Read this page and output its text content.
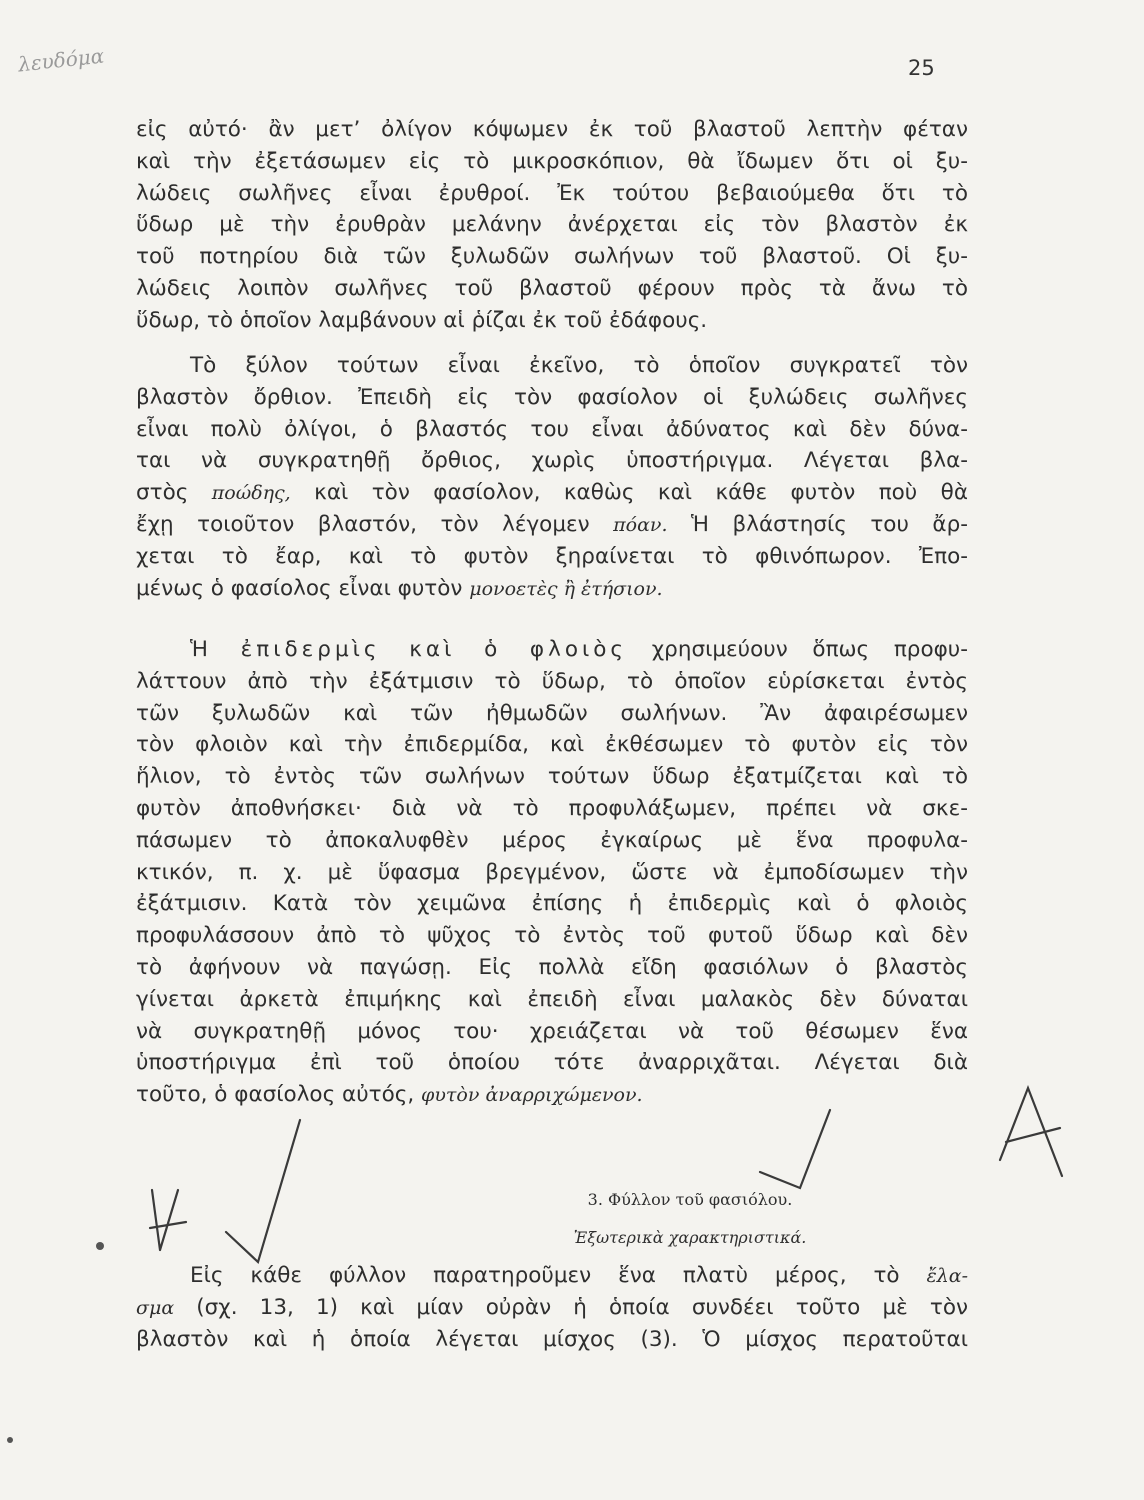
λευδόμα	25
εἰς αὐτό· ἂν μετ’ ὀλίγον κόψωμεν ἐκ τοῦ βλαστοῦ λεπτὴν φέταν
καὶ τὴν ἐξετάσωμεν εἰς τὸ μικροσκόπιον, θὰ ἴδωμεν ὅτι οἱ ξυ-
λώδεις σωλῆνες εἶναι ἐρυθροί. Ἐκ τούτου βεβαιούμεθα ὅτι τὸ
ὕδωρ μὲ τὴν ἐρυθρὰν μελάνην ἀνέρχεται εἰς τὸν βλαστὸν ἐκ
τοῦ ποτηρίου διὰ τῶν ξυλωδῶν σωλήνων τοῦ βλαστοῦ. Οἱ ξυ-
λώδεις λοιπὸν σωλῆνες τοῦ βλαστοῦ φέρουν πρὸς τὰ ἄνω τὸ
ὕδωρ, τὸ ὁποῖον λαμβάνουν αἱ ῥίζαι ἐκ τοῦ ἐδάφους.
Τὸ ξύλον τούτων εἶναι ἐκεῖνο, τὸ ὁποῖον συγκρατεῖ τὸν
βλαστὸν ὄρθιον. Ἐπειδὴ εἰς τὸν φασίολον οἱ ξυλώδεις σωλῆνες
εἶναι πολὺ ὀλίγοι, ὁ βλαστός του εἶναι ἀδύνατος καὶ δὲν δύνα-
ται νὰ συγκρατηθῇ ὄρθιος, χωρὶς ὑποστήριγμα. Λέγεται βλα-
στὸς ποώδης, καὶ τὸν φασίολον, καθὼς καὶ κάθε φυτὸν ποὺ θὰ
ἔχῃ τοιοῦτον βλαστόν, τὸν λέγομεν πόαν. Ἡ βλάστησίς του ἄρ-
χεται τὸ ἔαρ, καὶ τὸ φυτὸν ξηραίνεται τὸ φθινόπωρον. Ἐπο-
μένως ὁ φασίολος εἶναι φυτὸν μονοετὲς ἢ ἐτήσιον.
Ἡ ἐπιδερμὶς καὶ ὁ φλοιὸς χρησιμεύουν ὅπως προφυ-
λάττουν ἀπὸ τὴν ἐξάτμισιν τὸ ὕδωρ, τὸ ὁποῖον εὑρίσκεται ἐντὸς
τῶν ξυλωδῶν καὶ τῶν ἠθμωδῶν σωλήνων. Ἂν ἀφαιρέσωμεν
τὸν φλοιὸν καὶ τὴν ἐπιδερμίδα, καὶ ἐκθέσωμεν τὸ φυτὸν εἰς τὸν
ἥλιον, τὸ ἐντὸς τῶν σωλήνων τούτων ὕδωρ ἐξατμίζεται καὶ τὸ
φυτὸν ἀποθνήσκει· διὰ νὰ τὸ προφυλάξωμεν, πρέπει νὰ σκε-
πάσωμεν τὸ ἀποκαλυφθὲν μέρος ἐγκαίρως μὲ ἕνα προφυλα-
κτικόν, π. χ. μὲ ὕφασμα βρεγμένον, ὥστε νὰ ἐμποδίσωμεν τὴν
ἐξάτμισιν. Κατὰ τὸν χειμῶνα ἐπίσης ἡ ἐπιδερμὶς καὶ ὁ φλοιὸς
προφυλάσσουν ἀπὸ τὸ ψῦχος τὸ ἐντὸς τοῦ φυτοῦ ὕδωρ καὶ δὲν
τὸ ἀφήνουν νὰ παγώσῃ. Εἰς πολλὰ εἴδη φασιόλων ὁ βλαστὸς
γίνεται ἀρκετὰ ἐπιμήκης καὶ ἐπειδὴ εἶναι μαλακὸς δὲν δύναται
νὰ συγκρατηθῇ μόνος του· χρειάζεται νὰ τοῦ θέσωμεν ἕνα
ὑποστήριγμα ἐπὶ τοῦ ὁποίου τότε ἀναρριχᾶται. Λέγεται διὰ
τοῦτο, ὁ φασίολος αὐτός, φυτὸν ἀναρριχώμενον.
3. Φύλλον τοῦ φασιόλου.
Ἐξωτερικὰ χαρακτηριστικά.
Εἰς κάθε φύλλον παρατηροῦμεν ἕνα πλατὺ μέρος, τὸ ἔλα-
σμα (σχ. 13, 1) καὶ μίαν οὐρὰν ἡ ὁποία συνδέει τοῦτο μὲ τὸν
βλαστὸν καὶ ἡ ὁποία λέγεται μίσχος (3). Ὁ μίσχος περατοῦται
